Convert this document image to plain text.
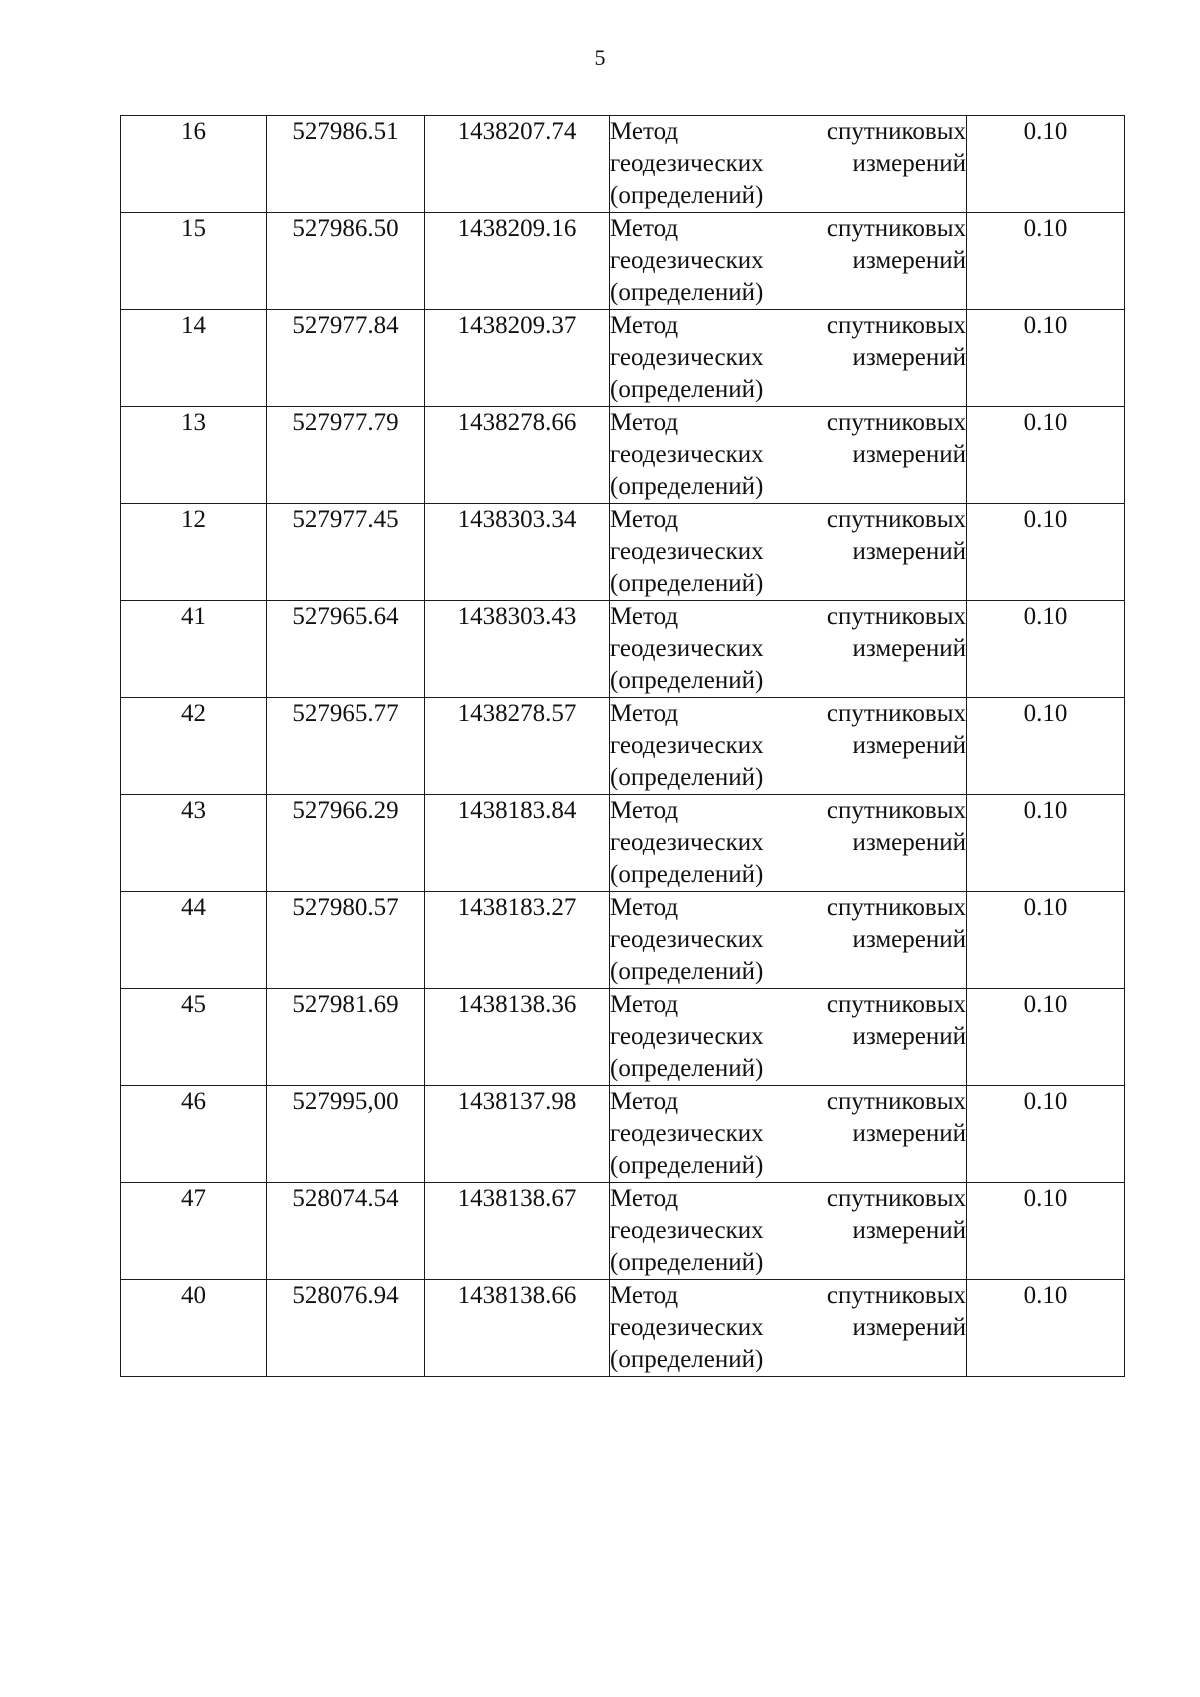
5
16	527986.51	1438207.74	Метод спутниковых геодезических измерений (определений)	0.10

15	527986.50	1438209.16	Метод спутниковых геодезических измерений (определений)	0.10

14	527977.84	1438209.37	Метод спутниковых геодезических измерений (определений)	0.10

13	527977.79	1438278.66	Метод спутниковых геодезических измерений (определений)	0.10

12	527977.45	1438303.34	Метод спутниковых геодезических измерений (определений)	0.10

41	527965.64	1438303.43	Метод спутниковых геодезических измерений (определений)	0.10

42	527965.77	1438278.57	Метод спутниковых геодезических измерений (определений)	0.10

43	527966.29	1438183.84	Метод спутниковых геодезических измерений (определений)	0.10

44	527980.57	1438183.27	Метод спутниковых геодезических измерений (определений)	0.10

45	527981.69	1438138.36	Метод спутниковых геодезических измерений (определений)	0.10

46	527995,00	1438137.98	Метод спутниковых геодезических измерений (определений)	0.10

47	528074.54	1438138.67	Метод спутниковых геодезических измерений (определений)	0.10

40	528076.94	1438138.66	Метод спутниковых геодезических измерений (определений)	0.10
